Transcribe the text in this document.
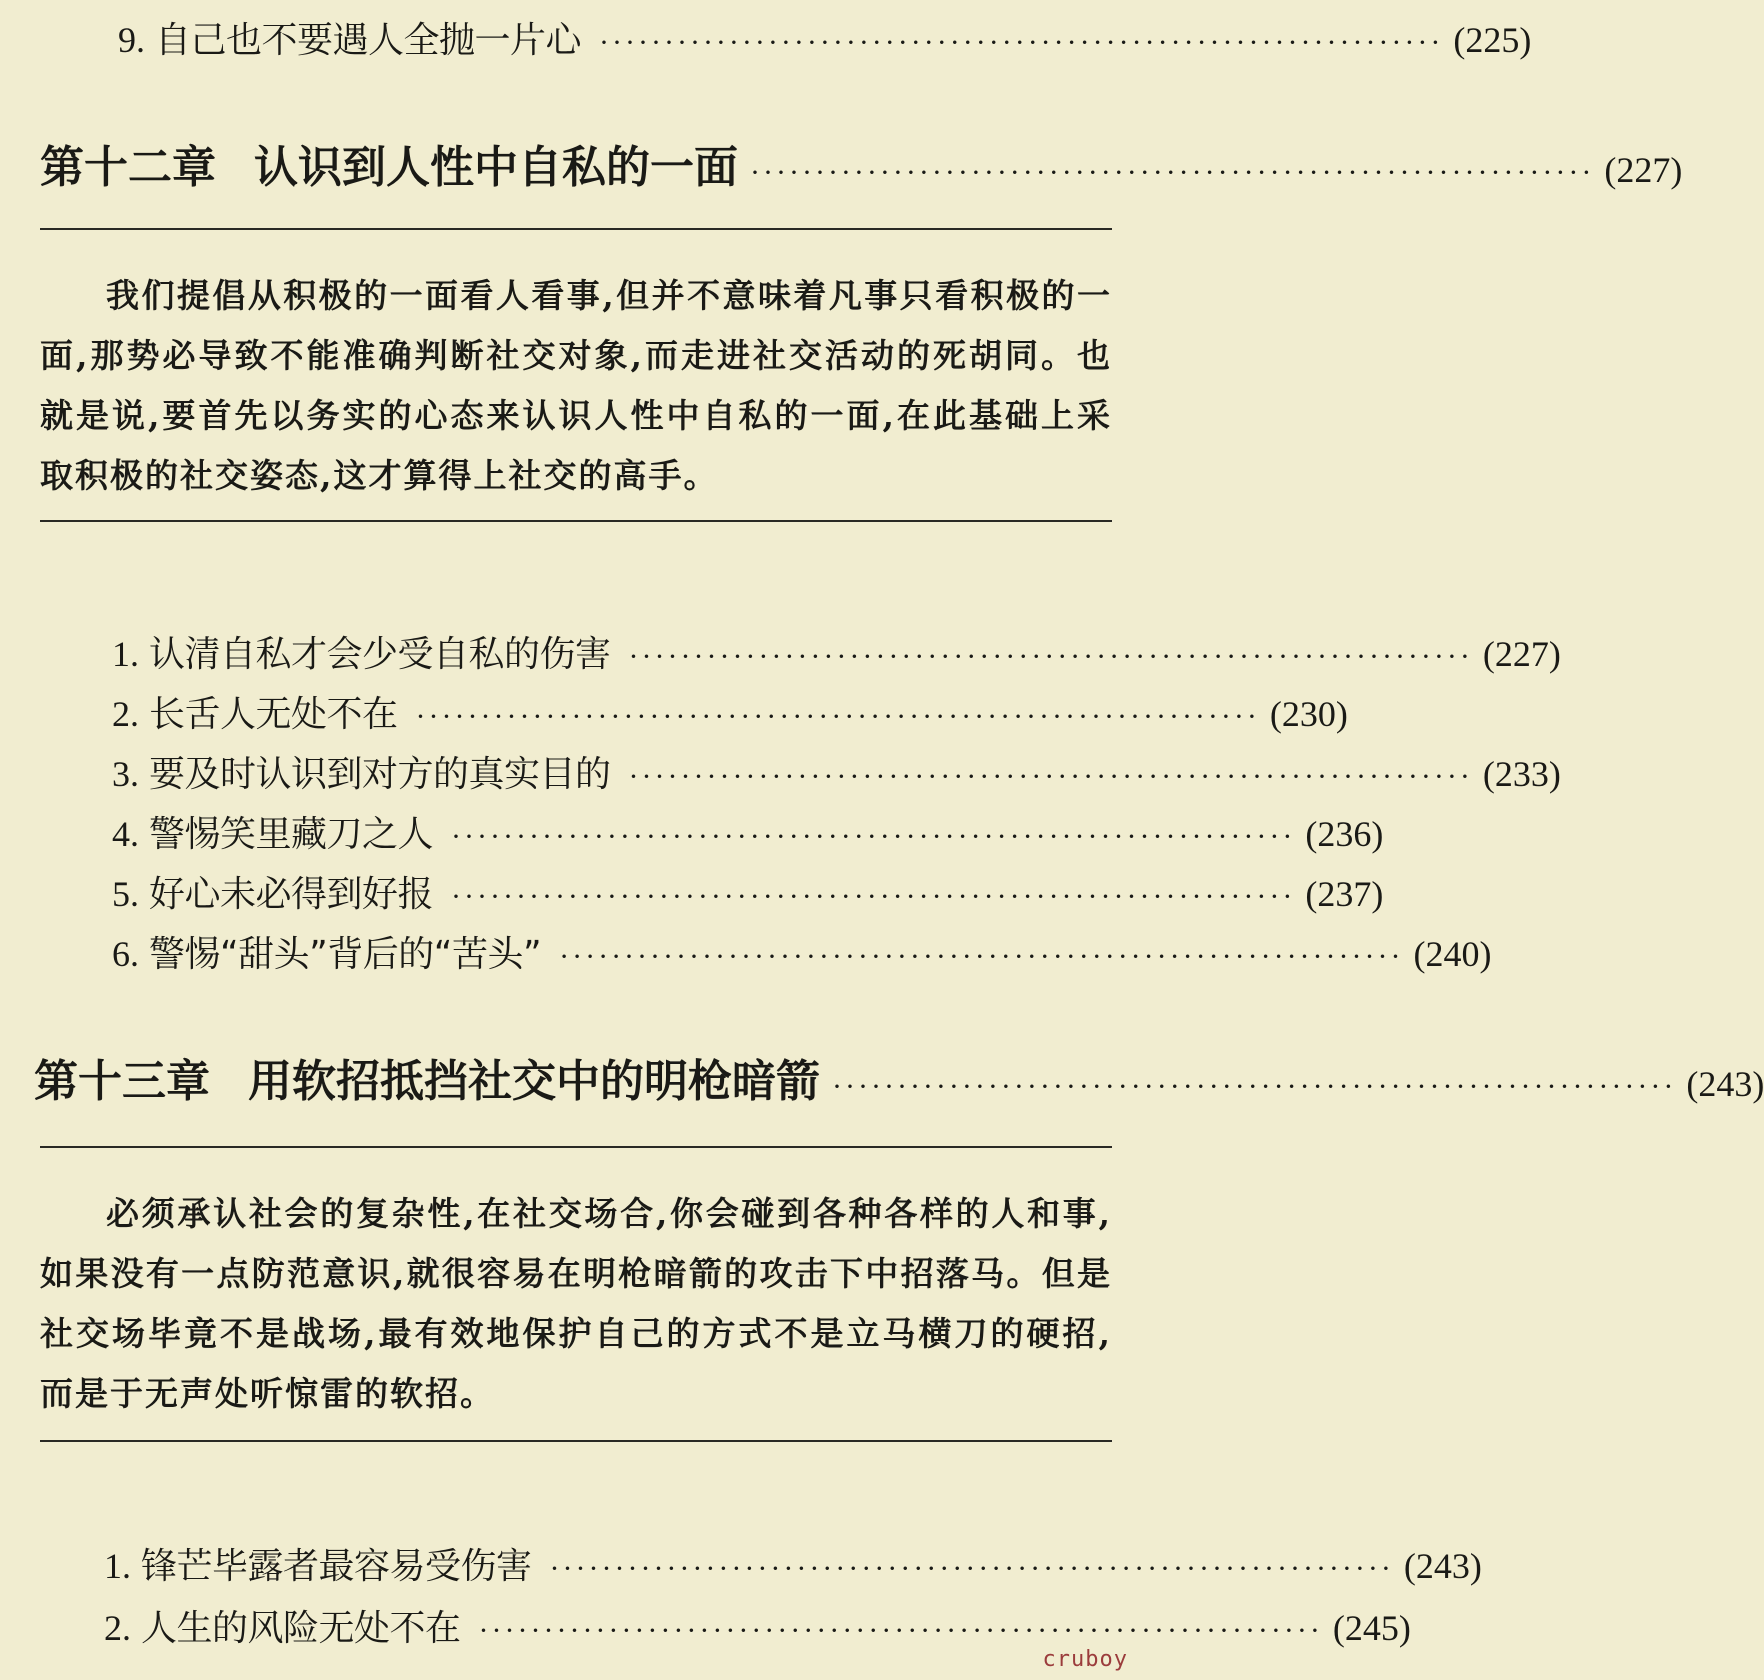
9. 自己也不要遇人全抛一片心 ································································· (225)
第十二章 认识到人性中自私的一面 ································································· (227)

我们提倡从积极的一面看人看事,但并不意味着凡事只看积极的一面,那势必导致不能准确判断社交对象,而走进社交活动的死胡同。也就是说,要首先以务实的心态来认识人性中自私的一面,在此基础上采取积极的社交姿态,这才算得上社交的高手。

1. 认清自私才会少受自私的伤害 ································································· (227)
2. 长舌人无处不在 ································································· (230)
3. 要及时认识到对方的真实目的 ································································· (233)
4. 警惕笑里藏刀之人 ································································· (236)
5. 好心未必得到好报 ································································· (237)
6. 警惕“甜头”背后的“苦头” ································································· (240)
第十三章 用软招抵挡社交中的明枪暗箭 ································································· (243)

必须承认社会的复杂性,在社交场合,你会碰到各种各样的人和事,如果没有一点防范意识,就很容易在明枪暗箭的攻击下中招落马。但是社交场毕竟不是战场,最有效地保护自己的方式不是立马横刀的硬招,而是于无声处听惊雷的软招。

1. 锋芒毕露者最容易受伤害 ································································· (243)
2. 人生的风险无处不在 ································································· (245)
cruboy
